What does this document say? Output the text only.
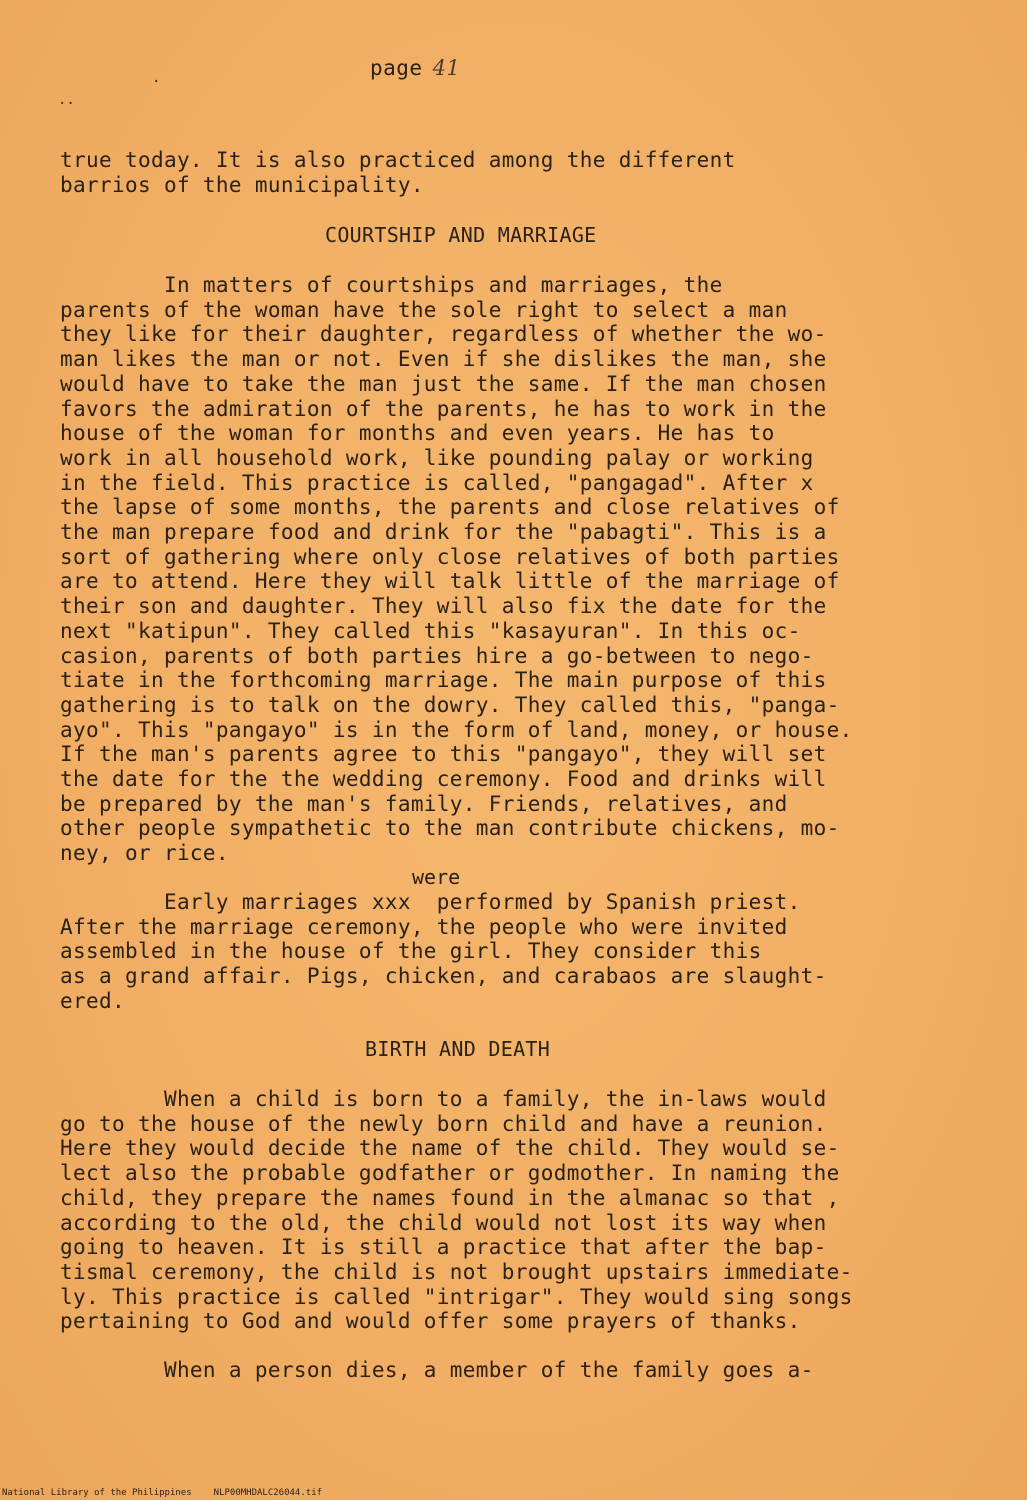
page 41
.
..
true today. It is also practiced among the different
barrios of the municipality.
COURTSHIP AND MARRIAGE
In matters of courtships and marriages, the
parents of the woman have the sole right to select a man
they like for their daughter, regardless of whether the wo-
man likes the man or not. Even if she dislikes the man, she
would have to take the man just the same. If the man chosen
favors the admiration of the parents, he has to work in the
house of the woman for months and even years. He has to
work in all household work, like pounding palay or working
in the field. This practice is called, "pangagad". After x
the lapse of some months, the parents and close relatives of
the man prepare food and drink for the "pabagti". This is a
sort of gathering where only close relatives of both parties
are to attend. Here they will talk little of the marriage of
their son and daughter. They will also fix the date for the
next "katipun". They called this "kasayuran". In this oc-
casion, parents of both parties hire a go-between to nego-
tiate in the forthcoming marriage. The main purpose of this
gathering is to talk on the dowry. They called this, "panga-
ayo". This "pangayo" is in the form of land, money, or house.
If the man's parents agree to this "pangayo", they will set
the date for the the wedding ceremony. Food and drinks will
be prepared by the man's family. Friends, relatives, and
other people sympathetic to the man contribute chickens, mo-
ney, or rice.
were
Early marriages xxx  performed by Spanish priest.
After the marriage ceremony, the people who were invited
assembled in the house of the girl. They consider this
as a grand affair. Pigs, chicken, and carabaos are slaught-
ered.
BIRTH AND DEATH
When a child is born to a family, the in-laws would
go to the house of the newly born child and have a reunion.
Here they would decide the name of the child. They would se-
lect also the probable godfather or godmother. In naming the
child, they prepare the names found in the almanac so that ,
according to the old, the child would not lost its way when
going to heaven. It is still a practice that after the bap-
tismal ceremony, the child is not brought upstairs immediate-
ly. This practice is called "intrigar". They would sing songs
pertaining to God and would offer some prayers of thanks.
When a person dies, a member of the family goes a-
National Library of the Philippines NLP00MHDALC26044.tif
